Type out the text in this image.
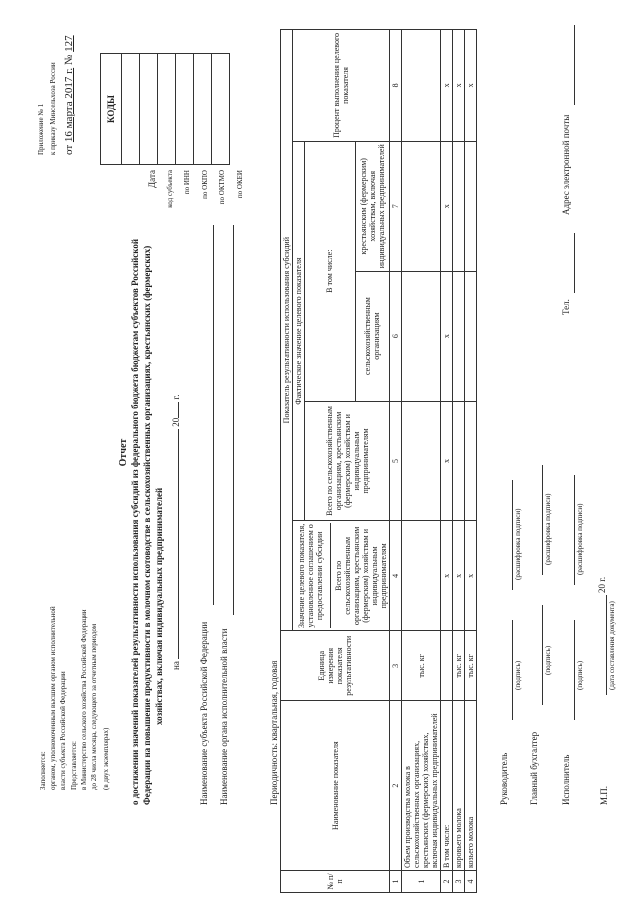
Приложение № 1 к приказу Минсельхоза России от 16 марта 2017 г. № 127
Заполняется: органом, уполномоченным высшим органом исполнительной власти субъекта Российской Федерации Представляется: в Министерство сельского хозяйства Российской Федерации до 28 числа месяца, следующего за отчетным периодом (в двух экземплярах)
КОДЫ

Дата код субъекта по ИНН по ОКПО по ОКТМО по ОКЕИ
Отчет о достижении значений показателей результативности использования субсидий из федерального бюджета бюджетам субъектов Российской Федерации на повышение продуктивности в молочном скотоводстве в сельскохозяйственных организациях, крестьянских (фермерских) хозяйствах, включая индивидуальных предпринимателей на  20 г.
Наименование субъекта Российской Федерации Наименование органа исполнительной власти	Периодичность: квартальная, годовая
№ п/п	Наименование показателя	Единица измерения показателя результативности	Показатель результативности использования субсидий				

			Значение целевого показателя, установленное соглашением о предоставлении субсидии Всего по сельскохозяйственным организациям, крестьянским (фермерским) хозяйствам и индивидуальным предпринимателям	Фактическое значение целевого показателя			Процент выполнения целевого показателя
				Всего по сельскохозяйственным организациям, крестьянским (фермерским) хозяйствам и индивидуальным предпринимателям	В том числе:		
					сельскохозяйственным организациям	крестьянским (фермерским) хозяйствам, включая индивидуальных предпринимателей	
1	2	3	4	5	6	7	8
1	Объем производства молока в сельскохозяйственных организациях, крестьянских (фермерских) хозяйствах, включая индивидуальных предпринимателей	тыс. кг					
2	В том числе:		х	х	х	х	х
3	коровьего молока	тыс. кг	х				х
4	козьего молока	тыс. кг	х				х
Руководитель
(подпись)
(расшифровка подписи)
Главный бухгалтер
(подпись)
(расшифровка подписи)
Исполнитель
(подпись)
(расшифровка подписи)
Тел.
Адрес электронной почты
М.П.
20 г.
(дата составления документа)
